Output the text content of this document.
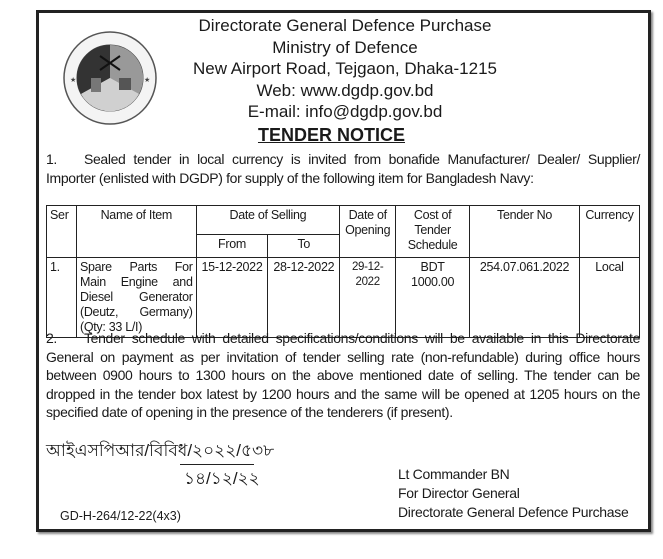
★	★
Directorate General Defence Purchase
Ministry of Defence
New Airport Road, Tejgaon, Dhaka-1215
Web: www.dgdp.gov.bd
E-mail: info@dgdp.gov.bd
TENDER NOTICE
1. Sealed tender in local currency is invited from bonafide Manufacturer/ Dealer/ Supplier/ Importer (enlisted with DGDP) for supply of the following item for Bangladesh Navy:
Ser	Name of Item	Date of Selling		Date of Opening	Cost of Tender Schedule	Tender No	Currency
		From	To				
1.	Spare Parts For Main Engine and Diesel Generator (Deutz, Germany) (Qty: 33 L/I)	15-12-2022	28-12-2022	29-12-2022	BDT 1000.00	254.07.061.2022	Local
2. Tender schedule with detailed specifications/conditions will be available in this Directorate General on payment as per invitation of tender selling rate (non-refundable) during office hours between 0900 hours to 1300 hours on the above mentioned date of selling. The tender can be dropped in the tender box latest by 1200 hours and the same will be opened at 1205 hours on the specified date of opening in the presence of the tenderers (if present).
আইএসপিআর/বিবিধ/২০২২/৫৩৮
১৪/১২/২২	Lt Commander BN
For Director General
Directorate General Defence Purchase
GD-H-264/12-22(4x3)
